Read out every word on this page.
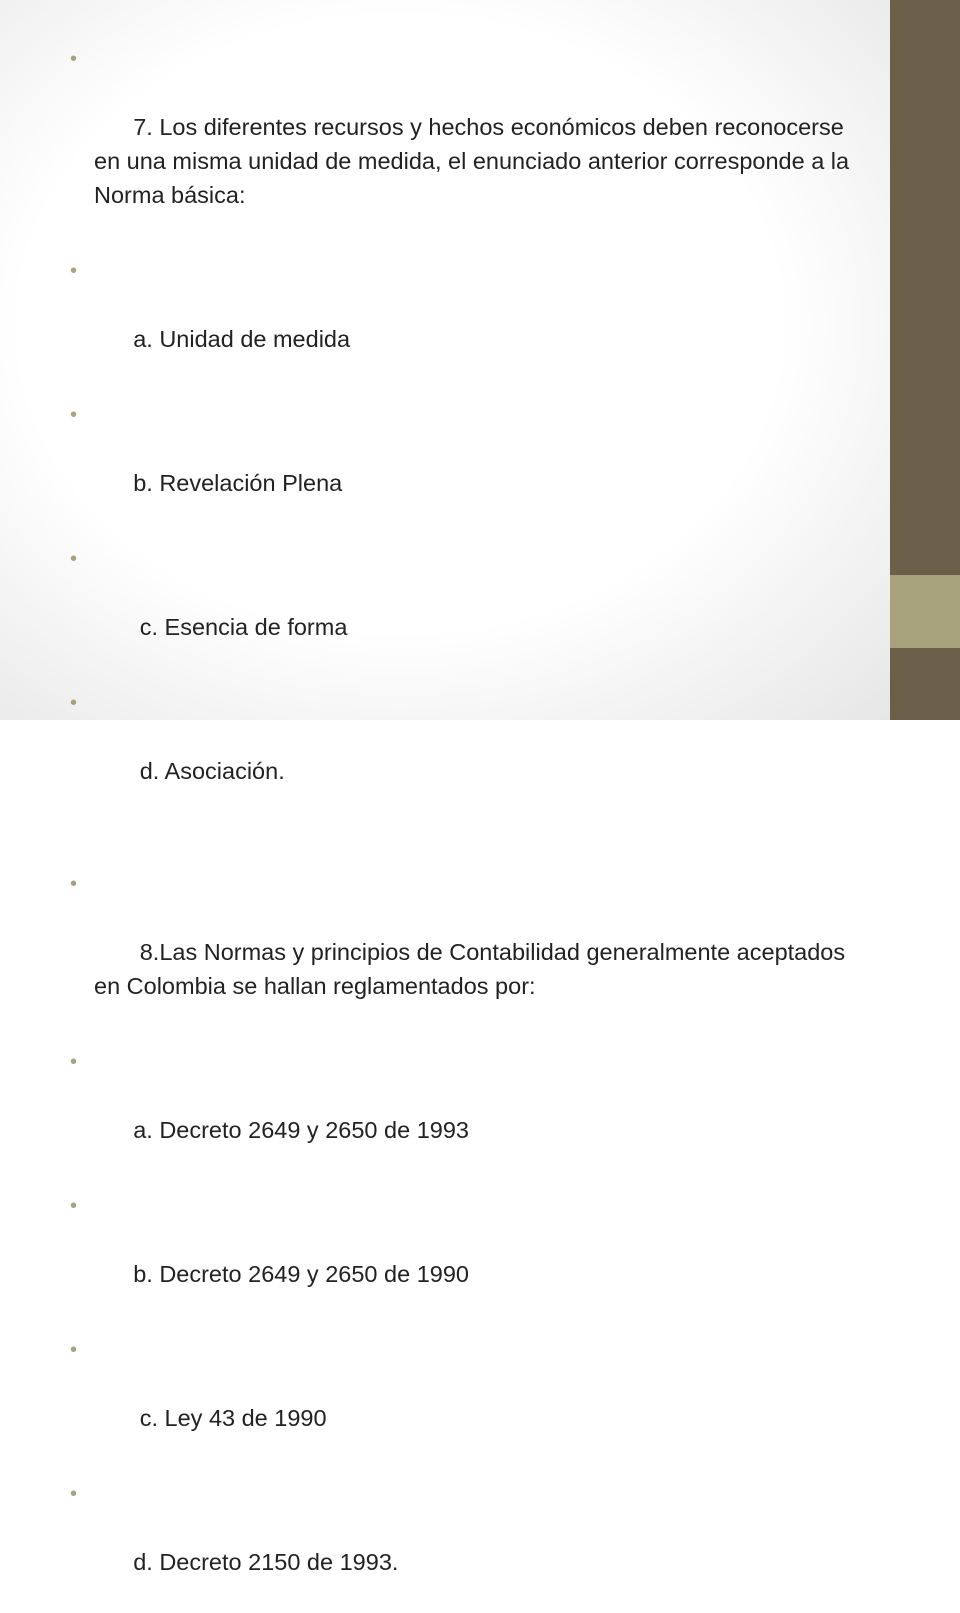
•

7. Los diferentes recursos y hechos económicos deben reconocerse en una misma unidad de medida, el enunciado anterior corresponde a la Norma básica:

•

a. Unidad de medida

•

b. Revelación Plena

•

c. Esencia de forma

•

d. Asociación.

•

8.Las Normas y principios de Contabilidad generalmente aceptados en Colombia se hallan reglamentados por:

•

a. Decreto 2649 y 2650 de 1993

•

b. Decreto 2649 y 2650 de 1990

•

c. Ley 43 de 1990

•

d. Decreto 2150 de 1993.
